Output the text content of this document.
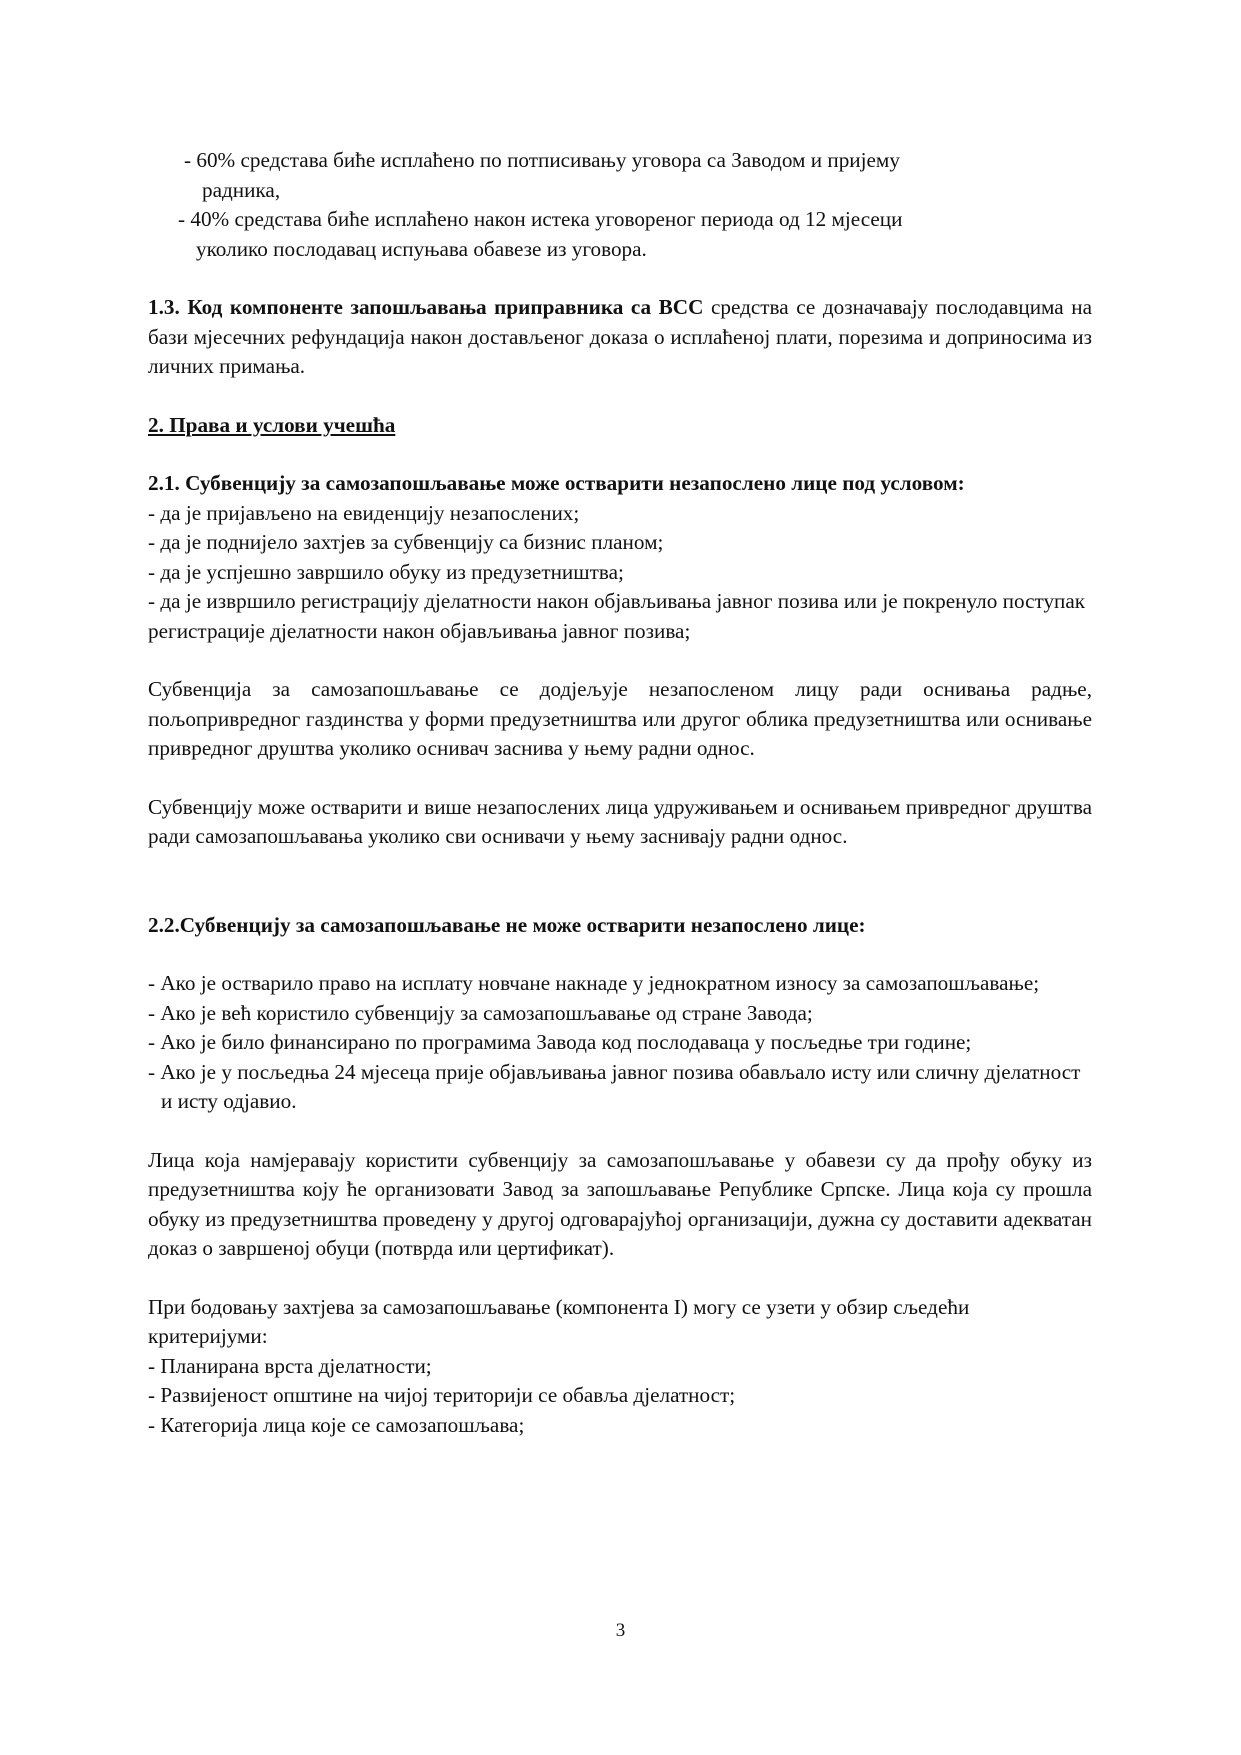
- 60% средстава биће исплаћено по потписивању уговора са Заводом и пријему
радника,

- 40% средстава биће исплаћено након истека уговореног периода од 12 мјесеци
уколико послодавац испуњава обавезе из уговора.

1.3. Код компоненте запошљавања приправника са ВСС средства се дозначавају послодавцима на бази мјесечних рефундација након достављеног доказа о исплаћеној плати, порезима и доприносима из личних примања.

2. Права и услови учешћа

2.1. Субвенцију за самозапошљавање може остварити незапослено лице под условом:

- да је пријављено на евиденцију незапослених;

- да је поднијело захтјев за субвенцију са бизнис планом;

- да је успјешно завршило обуку из предузетништва;

- да је извршило регистрацију дјелатности након објављивања јавног позива или је покренуло поступак регистрације дјелатности након објављивања јавног позива;

Субвенција за самозапошљавање се додјељује незапосленом лицу ради оснивања радње, пољопривредног газдинства у форми предузетништва или другог облика предузетништва или оснивање привредног друштва уколико оснивач заснива у њему радни однос.

Субвенцију може остварити и више незапослених лица удруживањем и оснивањем привредног друштва ради самозапошљавања уколико сви оснивачи у њему заснивају радни однос.

2.2.Субвенцију за самозапошљавање не може остварити незапослено лице:

- Ако је остварило право на исплату новчане накнаде у једнократном износу за самозапошљавање;

- Ако је већ користило субвенцију за самозапошљавање од стране Завода;

- Ако је било финансирано по програмима Завода код послодаваца у посљедње три године;

- Ако је у посљедња 24 мјесеца прије објављивања јавног позива обављало исту или сличну дјелатност и исту одјавио.

Лица која намјеравају користити субвенцију за самозапошљавање у обавези су да прођу обуку из предузетништва коју ће организовати Завод за запошљавање Републике Српске. Лица која су прошла обуку из предузетништва проведену у другој одговарајућој организацији, дужна су доставити адекватан доказ о завршеној обуци (потврда или цертификат).

При бодовању захтјева за самозапошљавање (компонента I) могу се узети у обзир сљедећи критеријуми:

- Планирана врста дјелатности;

- Развијеност општине на чијој територији се обавља дјелатност;

- Категорија лица које се самозапошљава;

3
